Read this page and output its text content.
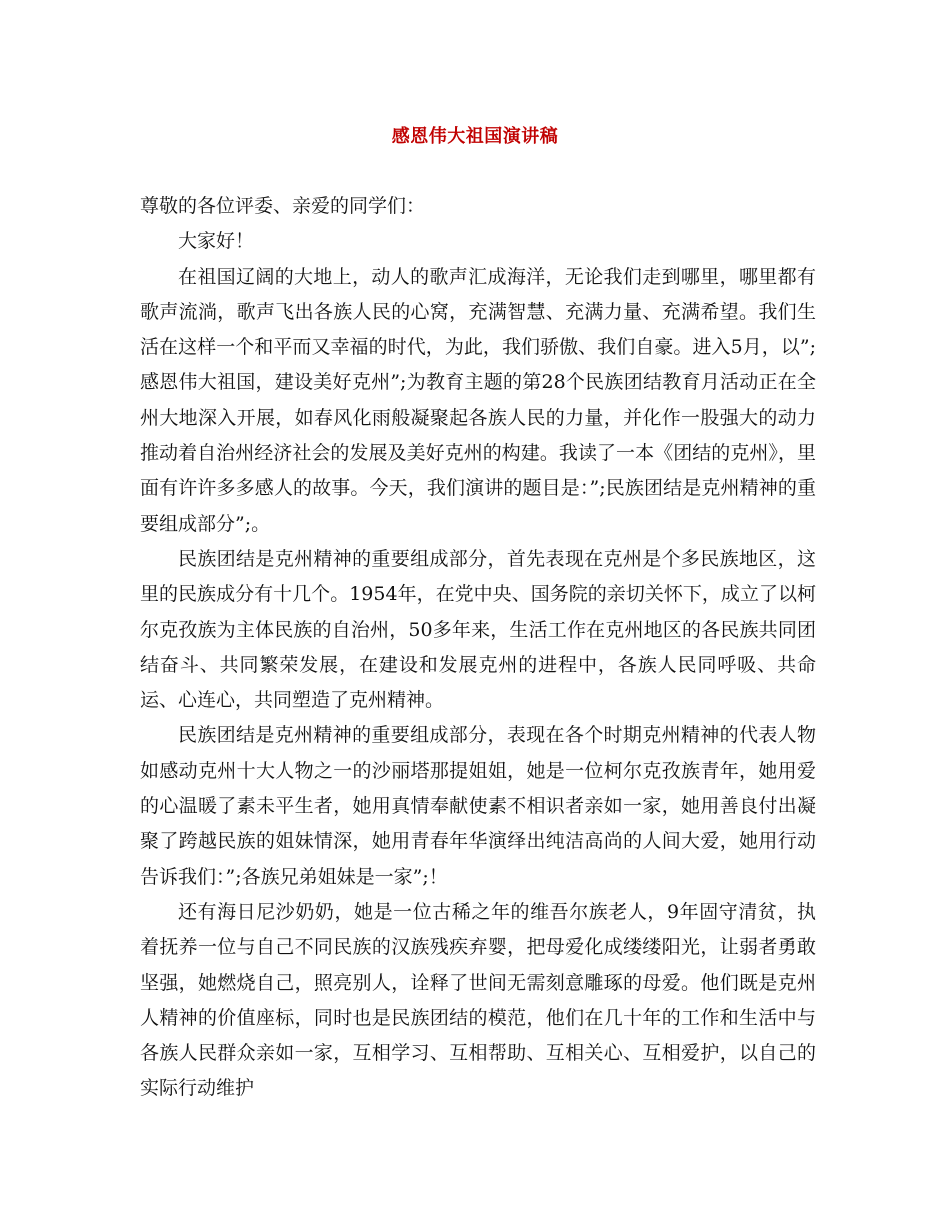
感恩伟大祖国演讲稿

尊敬的各位评委、亲爱的同学们：

大家好！

在祖国辽阔的大地上，动人的歌声汇成海洋，无论我们走到哪里，哪里都有歌声流淌，歌声飞出各族人民的心窝，充满智慧、充满力量、充满希望。我们生活在这样一个和平而又幸福的时代，为此，我们骄傲、我们自豪。进入5月，以”;感恩伟大祖国，建设美好克州”;为教育主题的第28个民族团结教育月活动正在全州大地深入开展，如春风化雨般凝聚起各族人民的力量，并化作一股强大的动力推动着自治州经济社会的发展及美好克州的构建。我读了一本《团结的克州》，里面有许许多多感人的故事。今天，我们演讲的题目是：”;民族团结是克州精神的重要组成部分”;。

民族团结是克州精神的重要组成部分，首先表现在克州是个多民族地区，这里的民族成分有十几个。1954年，在党中央、国务院的亲切关怀下，成立了以柯尔克孜族为主体民族的自治州，50多年来，生活工作在克州地区的各民族共同团结奋斗、共同繁荣发展，在建设和发展克州的进程中，各族人民同呼吸、共命运、心连心，共同塑造了克州精神。

民族团结是克州精神的重要组成部分，表现在各个时期克州精神的代表人物如感动克州十大人物之一的沙丽塔那提姐姐，她是一位柯尔克孜族青年，她用爱的心温暖了素未平生者，她用真情奉献使素不相识者亲如一家，她用善良付出凝聚了跨越民族的姐妹情深，她用青春年华演绎出纯洁高尚的人间大爱，她用行动告诉我们：”;各族兄弟姐妹是一家”;！

还有海日尼沙奶奶，她是一位古稀之年的维吾尔族老人，9年固守清贫，执着抚养一位与自己不同民族的汉族残疾弃婴，把母爱化成缕缕阳光，让弱者勇敢坚强，她燃烧自己，照亮别人，诠释了世间无需刻意雕琢的母爱。他们既是克州人精神的价值座标，同时也是民族团结的模范，他们在几十年的工作和生活中与各族人民群众亲如一家，互相学习、互相帮助、互相关心、互相爱护，以自己的实际行动维护
